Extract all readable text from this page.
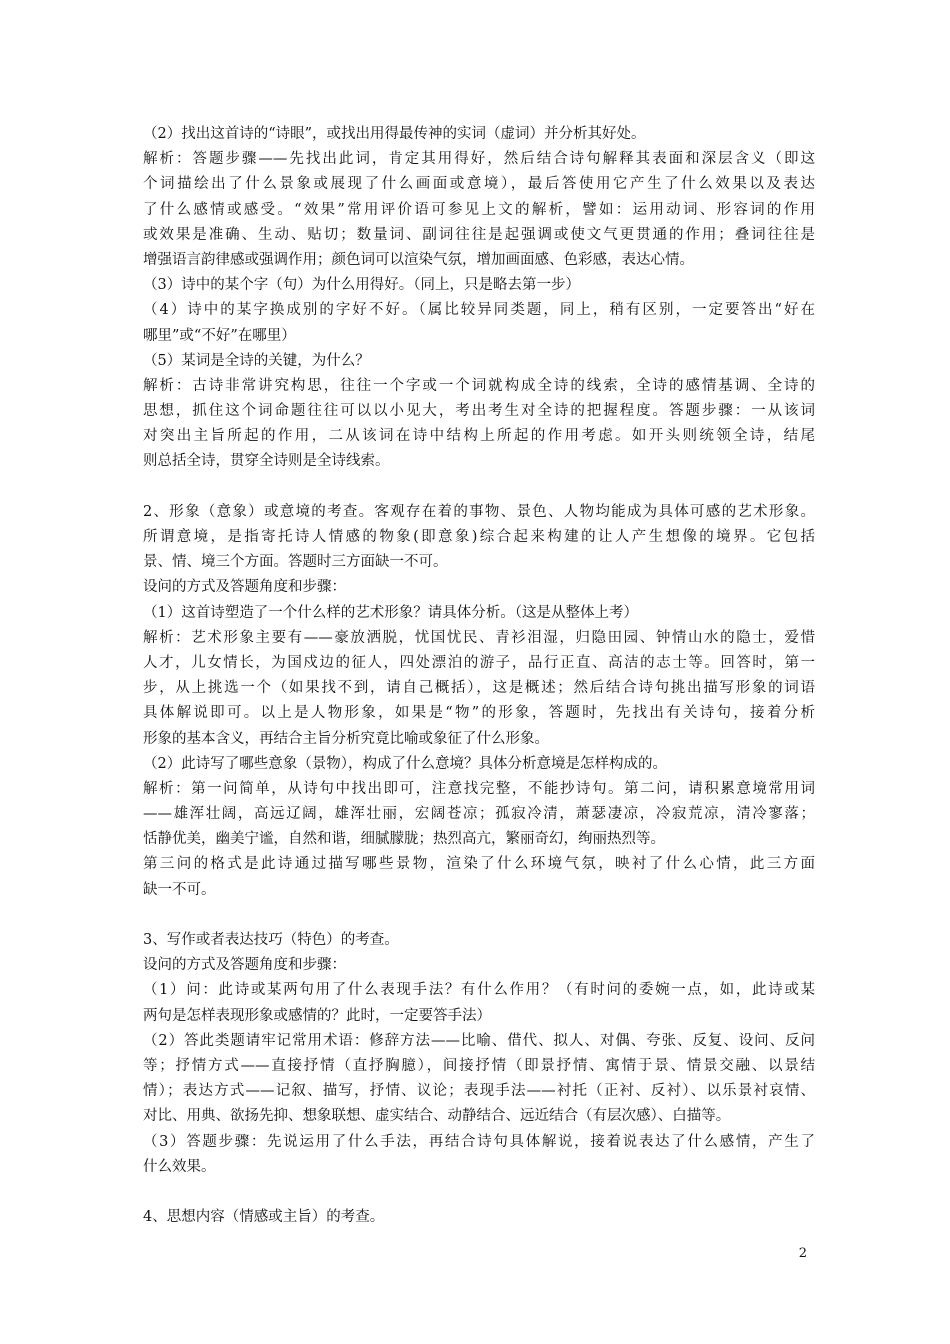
（2）找出这首诗的“诗眼”，或找出用得最传神的实词（虚词）并分析其好处。
解析：答题步骤——先找出此词，肯定其用得好，然后结合诗句解释其表面和深层含义（即这
个词描绘出了什么景象或展现了什么画面或意境），最后答使用它产生了什么效果以及表达
了什么感情或感受。“效果”常用评价语可参见上文的解析，譬如：运用动词、形容词的作用
或效果是准确、生动、贴切；数量词、副词往往是起强调或使文气更贯通的作用；叠词往往是
增强语言韵律感或强调作用；颜色词可以渲染气氛，增加画面感、色彩感，表达心情。
（3）诗中的某个字（句）为什么用得好。（同上，只是略去第一步）
（4）诗中的某字换成别的字好不好。（属比较异同类题，同上，稍有区别，一定要答出“好在
哪里”或“不好”在哪里）
（5）某词是全诗的关键，为什么？
解析：古诗非常讲究构思，往往一个字或一个词就构成全诗的线索，全诗的感情基调、全诗的
思想，抓住这个词命题往往可以以小见大，考出考生对全诗的把握程度。答题步骤：一从该词
对突出主旨所起的作用，二从该词在诗中结构上所起的作用考虑。如开头则统领全诗，结尾
则总括全诗，贯穿全诗则是全诗线索。
2、形象（意象）或意境的考查。客观存在着的事物、景色、人物均能成为具体可感的艺术形象。
所谓意境，是指寄托诗人情感的物象(即意象)综合起来构建的让人产生想像的境界。它包括
景、情、境三个方面。答题时三方面缺一不可。
设问的方式及答题角度和步骤：
（1）这首诗塑造了一个什么样的艺术形象？请具体分析。（这是从整体上考）
解析：艺术形象主要有——豪放洒脱，忧国忧民、青衫泪湿，归隐田园、钟情山水的隐士，爱惜
人才，儿女情长，为国戍边的征人，四处漂泊的游子，品行正直、高洁的志士等。回答时，第一
步，从上挑选一个（如果找不到，请自己概括），这是概述；然后结合诗句挑出描写形象的词语
具体解说即可。以上是人物形象，如果是“物”的形象，答题时，先找出有关诗句，接着分析
形象的基本含义，再结合主旨分析究竟比喻或象征了什么形象。
（2）此诗写了哪些意象（景物），构成了什么意境？具体分析意境是怎样构成的。
解析：第一问简单，从诗句中找出即可，注意找完整，不能抄诗句。第二问，请积累意境常用词
——雄浑壮阔，高远辽阔，雄浑壮丽，宏阔苍凉；孤寂冷清，萧瑟凄凉，冷寂荒凉，清冷寥落；
恬静优美，幽美宁谧，自然和谐，细腻朦胧；热烈高亢，繁丽奇幻，绚丽热烈等。
第三问的格式是此诗通过描写哪些景物，渲染了什么环境气氛，映衬了什么心情，此三方面
缺一不可。
3、写作或者表达技巧（特色）的考查。
设问的方式及答题角度和步骤：
（1）问：此诗或某两句用了什么表现手法？有什么作用？（有时问的委婉一点，如，此诗或某
两句是怎样表现形象或感情的？此时，一定要答手法）
（2）答此类题请牢记常用术语：修辞方法——比喻、借代、拟人、对偶、夸张、反复、设问、反问
等；抒情方式——直接抒情（直抒胸臆），间接抒情（即景抒情、寓情于景、情景交融、以景结
情）；表达方式——记叙、描写，抒情、议论；表现手法——衬托（正衬、反衬）、以乐景衬哀情、
对比、用典、欲扬先抑、想象联想、虚实结合、动静结合、远近结合（有层次感）、白描等。
（3）答题步骤：先说运用了什么手法，再结合诗句具体解说，接着说表达了什么感情，产生了
什么效果。
4、思想内容（情感或主旨）的考查。
2
